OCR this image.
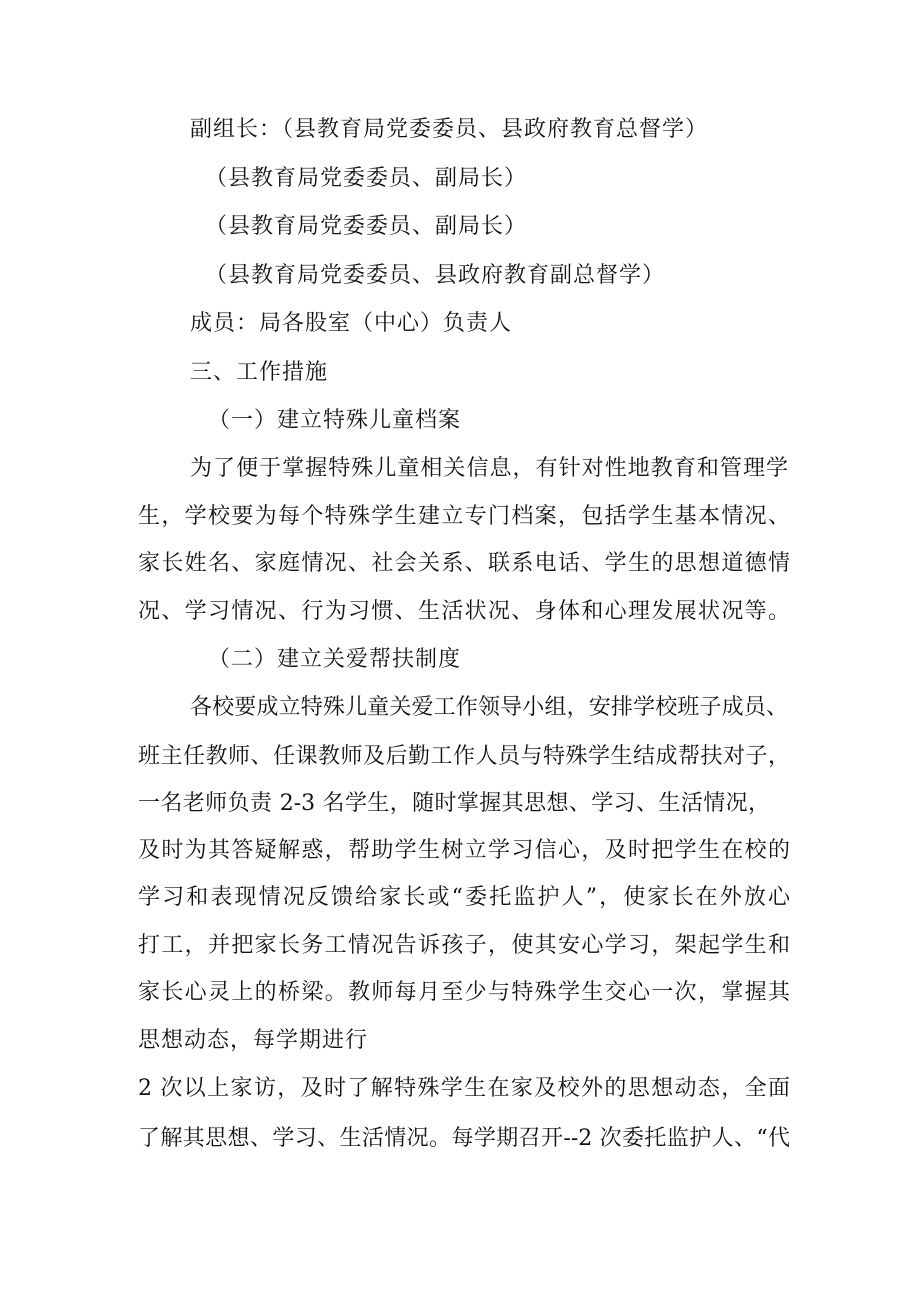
副组长：（县教育局党委委员、县政府教育总督学）
（县教育局党委委员、副局长）
（县教育局党委委员、副局长）
（县教育局党委委员、县政府教育副总督学）
成员：局各股室（中心）负责人
三、工作措施
（一）建立特殊儿童档案
为了便于掌握特殊儿童相关信息，有针对性地教育和管理学
生，学校要为每个特殊学生建立专门档案，包括学生基本情况、
家长姓名、家庭情况、社会关系、联系电话、学生的思想道德情
况、学习情况、行为习惯、生活状况、身体和心理发展状况等。
（二）建立关爱帮扶制度
各校要成立特殊儿童关爱工作领导小组，安排学校班子成员、
班主任教师、任课教师及后勤工作人员与特殊学生结成帮扶对子，
一名老师负责 2-3 名学生，随时掌握其思想、学习、生活情况，
及时为其答疑解惑，帮助学生树立学习信心，及时把学生在校的
学习和表现情况反馈给家长或“委托监护人”，使家长在外放心
打工，并把家长务工情况告诉孩子，使其安心学习，架起学生和
家长心灵上的桥梁。教师每月至少与特殊学生交心一次，掌握其
思想动态，每学期进行
2 次以上家访，及时了解特殊学生在家及校外的思想动态，全面
了解其思想、学习、生活情况。每学期召开--2 次委托监护人、“代
